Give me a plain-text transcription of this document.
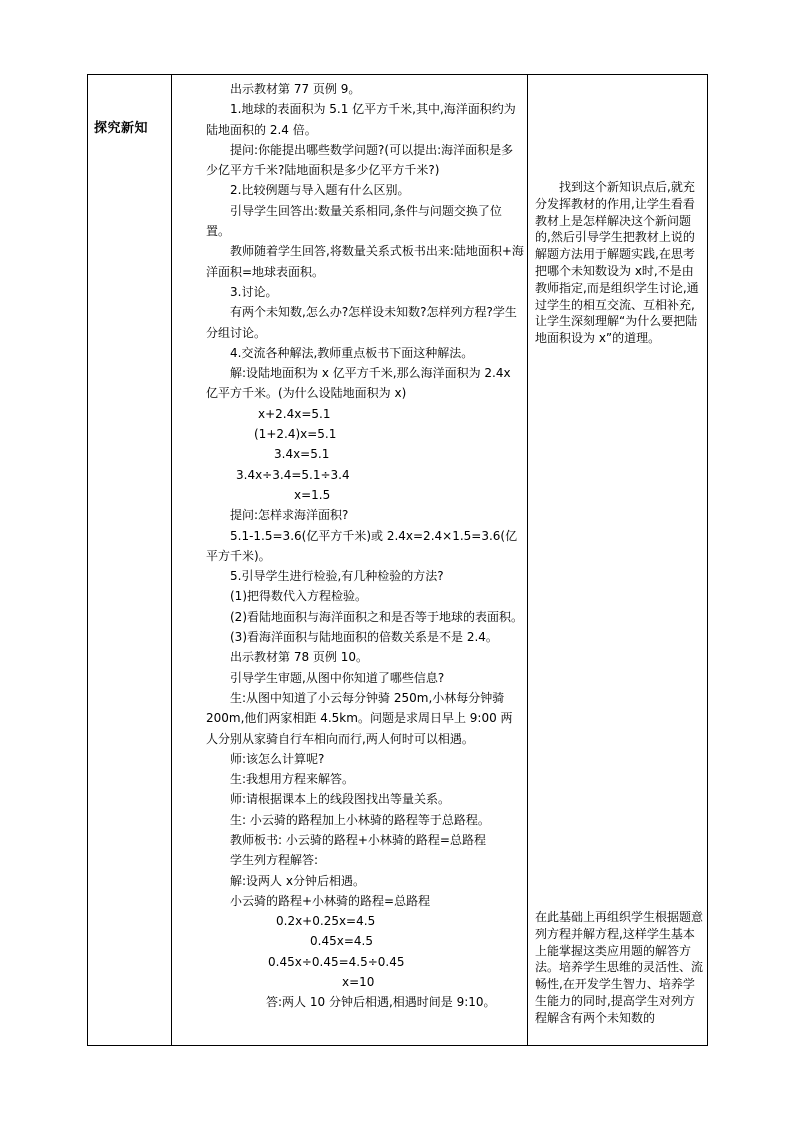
探究新知

出示教材第 77 页例 9。

1.地球的表面积为 5.1 亿平方千米,其中,海洋面积约为陆地面积的 2.4 倍。

提问:你能提出哪些数学问题?(可以提出:海洋面积是多少亿平方千米?陆地面积是多少亿平方千米?)

2.比较例题与导入题有什么区别。

引导学生回答出:数量关系相同,条件与问题交换了位置。

教师随着学生回答,将数量关系式板书出来:陆地面积+海洋面积=地球表面积。

3.讨论。

有两个未知数,怎么办?怎样设未知数?怎样列方程?学生分组讨论。

4.交流各种解法,教师重点板书下面这种解法。

解:设陆地面积为 x 亿平方千米,那么海洋面积为 2.4x 亿平方千米。(为什么设陆地面积为 x)

x+2.4x=5.1

(1+2.4)x=5.1

3.4x=5.1

3.4x÷3.4=5.1÷3.4

x=1.5

提问:怎样求海洋面积?

5.1-1.5=3.6(亿平方千米)或 2.4x=2.4×1.5=3.6(亿平方千米)。

5.引导学生进行检验,有几种检验的方法?

(1)把得数代入方程检验。

(2)看陆地面积与海洋面积之和是否等于地球的表面积。

(3)看海洋面积与陆地面积的倍数关系是不是 2.4。

出示教材第 78 页例 10。

引导学生审题,从图中你知道了哪些信息?

生:从图中知道了小云每分钟骑 250m,小林每分钟骑 200m,他们两家相距 4.5km。问题是求周日早上 9:00 两人分别从家骑自行车相向而行,两人何时可以相遇。

师:该怎么计算呢?

生:我想用方程来解答。

师:请根据课本上的线段图找出等量关系。

生: 小云骑的路程加上小林骑的路程等于总路程。

教师板书: 小云骑的路程+小林骑的路程=总路程

学生列方程解答:

解:设两人 x分钟后相遇。

小云骑的路程+小林骑的路程=总路程

0.2x+0.25x=4.5

0.45x=4.5

0.45x÷0.45=4.5÷0.45

x=10

答:两人 10 分钟后相遇,相遇时间是 9:10。

找到这个新知识点后,就充分发挥教材的作用,让学生看看教材上是怎样解决这个新问题的,然后引导学生把教材上说的解题方法用于解题实践,在思考把哪个未知数设为 x时,不是由教师指定,而是组织学生讨论,通过学生的相互交流、互相补充,让学生深刻理解“为什么要把陆地面积设为 x”的道理。

在此基础上再组织学生根据题意列方程并解方程,这样学生基本上能掌握这类应用题的解答方法。培养学生思维的灵活性、流畅性,在开发学生智力、培养学生能力的同时,提高学生对列方程解含有两个未知数的
